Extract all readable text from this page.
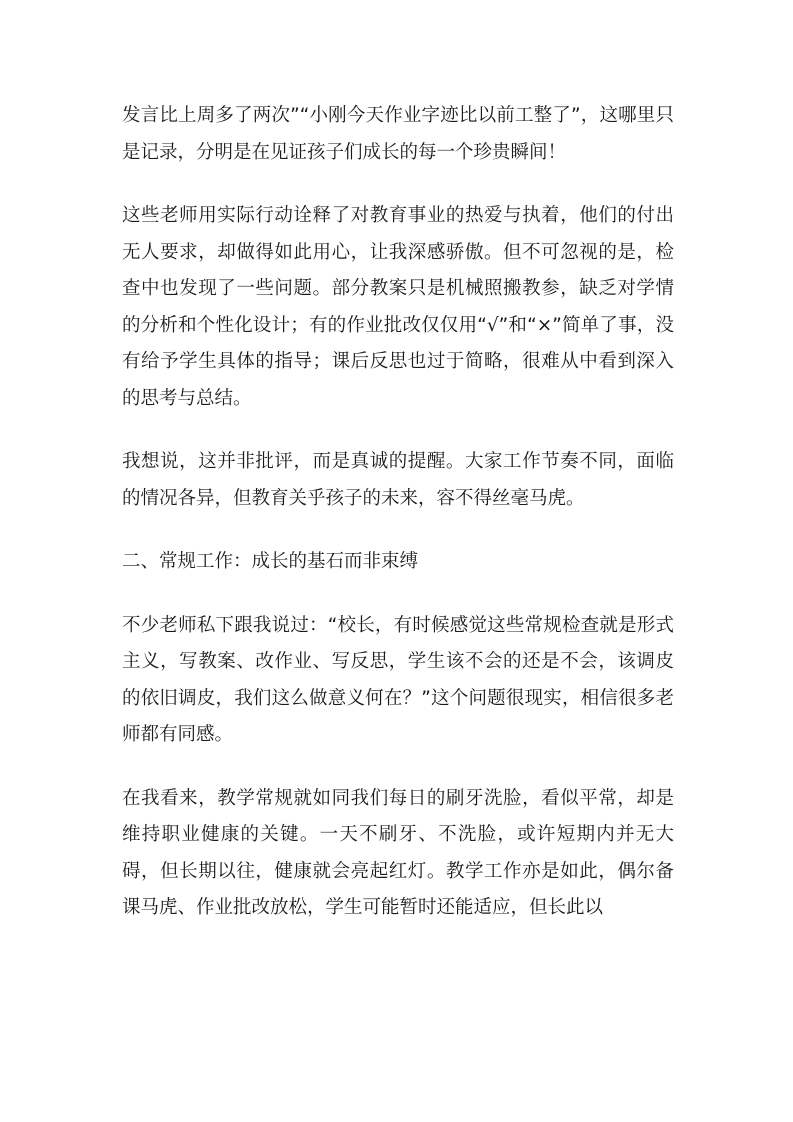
发言比上周多了两次”“小刚今天作业字迹比以前工整了”，这哪里只是记录，分明是在见证孩子们成长的每一个珍贵瞬间！

这些老师用实际行动诠释了对教育事业的热爱与执着，他们的付出无人要求，却做得如此用心，让我深感骄傲。但不可忽视的是，检查中也发现了一些问题。部分教案只是机械照搬教参，缺乏对学情的分析和个性化设计；有的作业批改仅仅用“√”和“×”简单了事，没有给予学生具体的指导；课后反思也过于简略，很难从中看到深入的思考与总结。

我想说，这并非批评，而是真诚的提醒。大家工作节奏不同，面临的情况各异，但教育关乎孩子的未来，容不得丝毫马虎。

二、常规工作：成长的基石而非束缚

不少老师私下跟我说过：“校长，有时候感觉这些常规检查就是形式主义，写教案、改作业、写反思，学生该不会的还是不会，该调皮的依旧调皮，我们这么做意义何在？”这个问题很现实，相信很多老师都有同感。

在我看来，教学常规就如同我们每日的刷牙洗脸，看似平常，却是维持职业健康的关键。一天不刷牙、不洗脸，或许短期内并无大碍，但长期以往，健康就会亮起红灯。教学工作亦是如此，偶尔备课马虎、作业批改放松，学生可能暂时还能适应，但长此以
